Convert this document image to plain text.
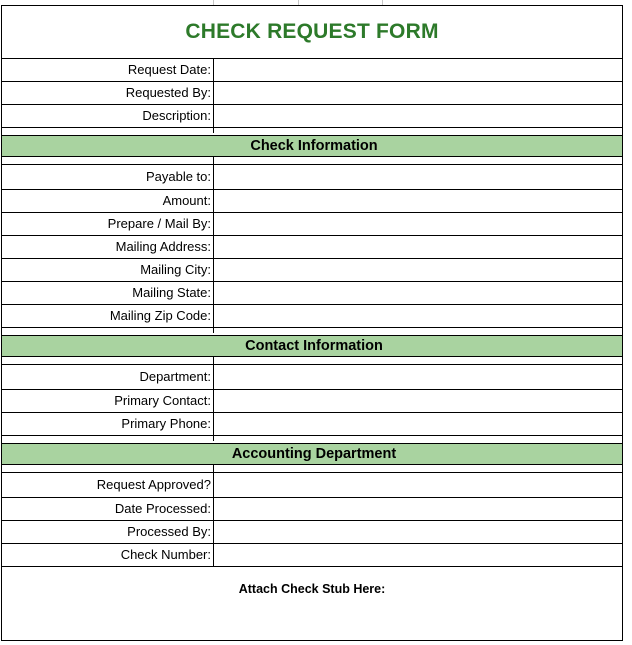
CHECK REQUEST FORM
Request Date:
Requested By:
Description:
Check Information
Payable to:
Amount:
Prepare / Mail By:
Mailing Address:
Mailing City:
Mailing State:
Mailing Zip Code:
Contact Information
Department:
Primary Contact:
Primary Phone:
Accounting Department
Request Approved?
Date Processed:
Processed By:
Check Number:
Attach Check Stub Here:
